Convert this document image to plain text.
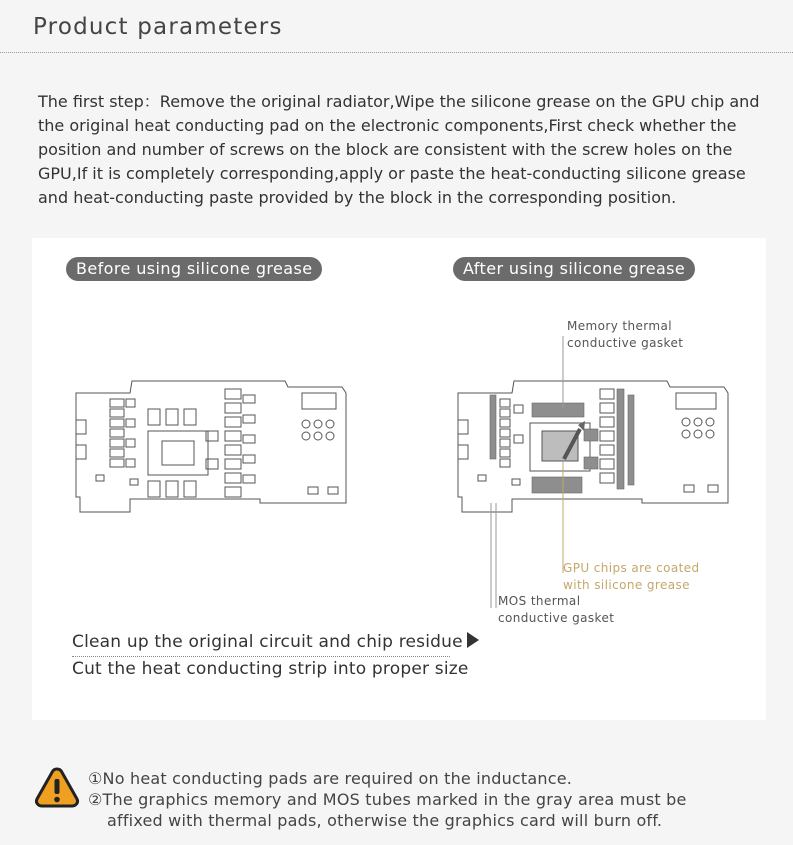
Product parameters

The first step：Remove the original radiator,Wipe the silicone grease on the GPU chip and the original heat conducting pad on the electronic components,First check whether the position and number of screws on the block are consistent with the screw holes on the GPU,If it is completely corresponding,apply or paste the heat-conducting silicone grease and heat-conducting paste provided by the block in the corresponding position.

Before using silicone grease	After using silicone grease
Memory thermal
conductive gasket
GPU chips are coated
with silicone grease
MOS thermal
conductive gasket
Clean up the original circuit and chip residue
Cut the heat conducting strip into proper size
①No heat conducting pads are required on the inductance.
②The graphics memory and MOS tubes marked in the gray area must be
affixed with thermal pads, otherwise the graphics card will burn off.
